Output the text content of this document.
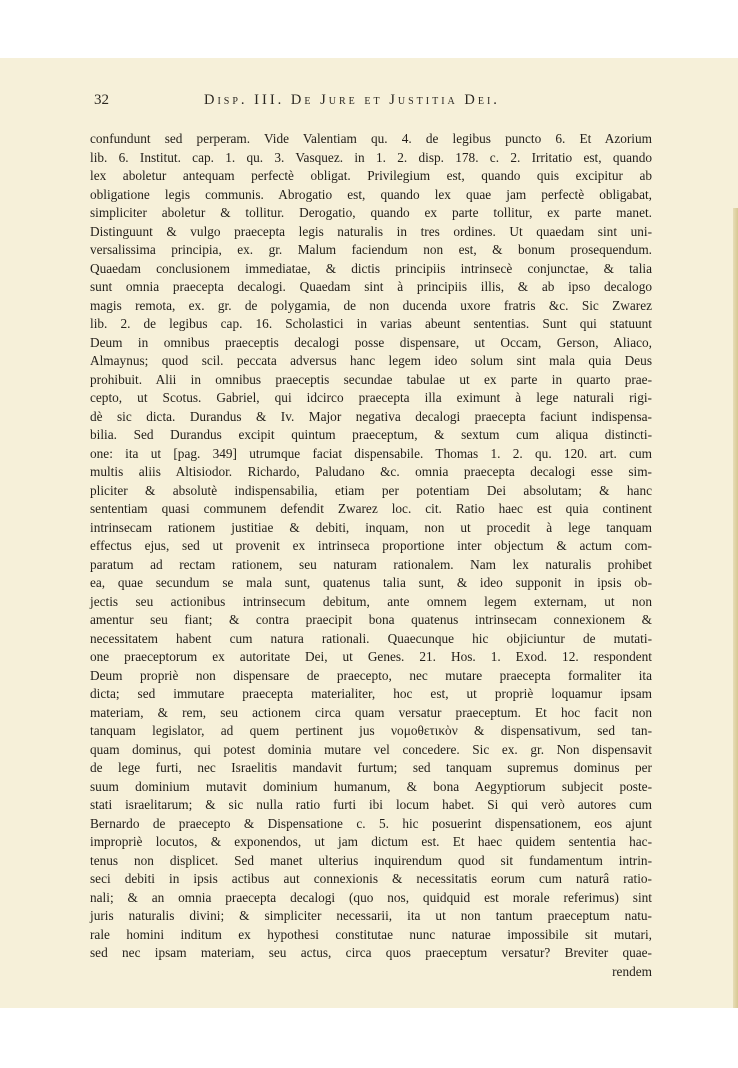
32	Disp. III. De Jure et Justitia Dei.
confundunt sed perperam. Vide Valentiam qu. 4. de legibus puncto 6. Et Azorium
lib. 6. Institut. cap. 1. qu. 3. Vasquez. in 1. 2. disp. 178. c. 2. Irritatio est, quando
lex aboletur antequam perfectè obligat. Privilegium est, quando quis excipitur ab
obligatione legis communis. Abrogatio est, quando lex quae jam perfectè obligabat,
simpliciter aboletur & tollitur. Derogatio, quando ex parte tollitur, ex parte manet.
Distinguunt & vulgo praecepta legis naturalis in tres ordines. Ut quaedam sint uni-
versalissima principia, ex. gr. Malum faciendum non est, & bonum prosequendum.
Quaedam conclusionem immediatae, & dictis principiis intrinsecè conjunctae, & talia
sunt omnia praecepta decalogi. Quaedam sint à principiis illis, & ab ipso decalogo
magis remota, ex. gr. de polygamia, de non ducenda uxore fratris &c. Sic Zwarez
lib. 2. de legibus cap. 16. Scholastici in varias abeunt sententias. Sunt qui statuunt
Deum in omnibus praeceptis decalogi posse dispensare, ut Occam, Gerson, Aliaco,
Almaynus; quod scil. peccata adversus hanc legem ideo solum sint mala quia Deus
prohibuit. Alii in omnibus praeceptis secundae tabulae ut ex parte in quarto prae-
cepto, ut Scotus. Gabriel, qui idcirco praecepta illa eximunt à lege naturali rigi-
dè sic dicta. Durandus & Iv. Major negativa decalogi praecepta faciunt indispensa-
bilia. Sed Durandus excipit quintum praeceptum, & sextum cum aliqua distincti-
one: ita ut [pag. 349] utrumque faciat dispensabile. Thomas 1. 2. qu. 120. art. cum
multis aliis Altisiodor. Richardo, Paludano &c. omnia praecepta decalogi esse sim-
pliciter & absolutè indispensabilia, etiam per potentiam Dei absolutam; & hanc
sententiam quasi communem defendit Zwarez loc. cit. Ratio haec est quia continent
intrinsecam rationem justitiae & debiti, inquam, non ut procedit à lege tanquam
effectus ejus, sed ut provenit ex intrinseca proportione inter objectum & actum com-
paratum ad rectam rationem, seu naturam rationalem. Nam lex naturalis prohibet
ea, quae secundum se mala sunt, quatenus talia sunt, & ideo supponit in ipsis ob-
jectis seu actionibus intrinsecum debitum, ante omnem legem externam, ut non
amentur seu fiant; & contra praecipit bona quatenus intrinsecam connexionem &
necessitatem habent cum natura rationali. Quaecunque hic objiciuntur de mutati-
one praeceptorum ex autoritate Dei, ut Genes. 21. Hos. 1. Exod. 12. respondent
Deum propriè non dispensare de praecepto, nec mutare praecepta formaliter ita
dicta; sed immutare praecepta materialiter, hoc est, ut propriè loquamur ipsam
materiam, & rem, seu actionem circa quam versatur praeceptum. Et hoc facit non
tanquam legislator, ad quem pertinent jus νομοθετικὸν & dispensativum, sed tan-
quam dominus, qui potest dominia mutare vel concedere. Sic ex. gr. Non dispensavit
de lege furti, nec Israelitis mandavit furtum; sed tanquam supremus dominus per
suum dominium mutavit dominium humanum, & bona Aegyptiorum subjecit poste-
stati israelitarum; & sic nulla ratio furti ibi locum habet. Si qui verò autores cum
Bernardo de praecepto & Dispensatione c. 5. hic posuerint dispensationem, eos ajunt
impropriè locutos, & exponendos, ut jam dictum est. Et haec quidem sententia hac-
tenus non displicet. Sed manet ulterius inquirendum quod sit fundamentum intrin-
seci debiti in ipsis actibus aut connexionis & necessitatis eorum cum naturâ ratio-
nali; & an omnia praecepta decalogi (quo nos, quidquid est morale referimus) sint
juris naturalis divini; & simpliciter necessarii, ita ut non tantum praeceptum natu-
rale homini inditum ex hypothesi constitutae nunc naturae impossibile sit mutari,
sed nec ipsam materiam, seu actus, circa quos praeceptum versatur? Breviter quae-
rendem
